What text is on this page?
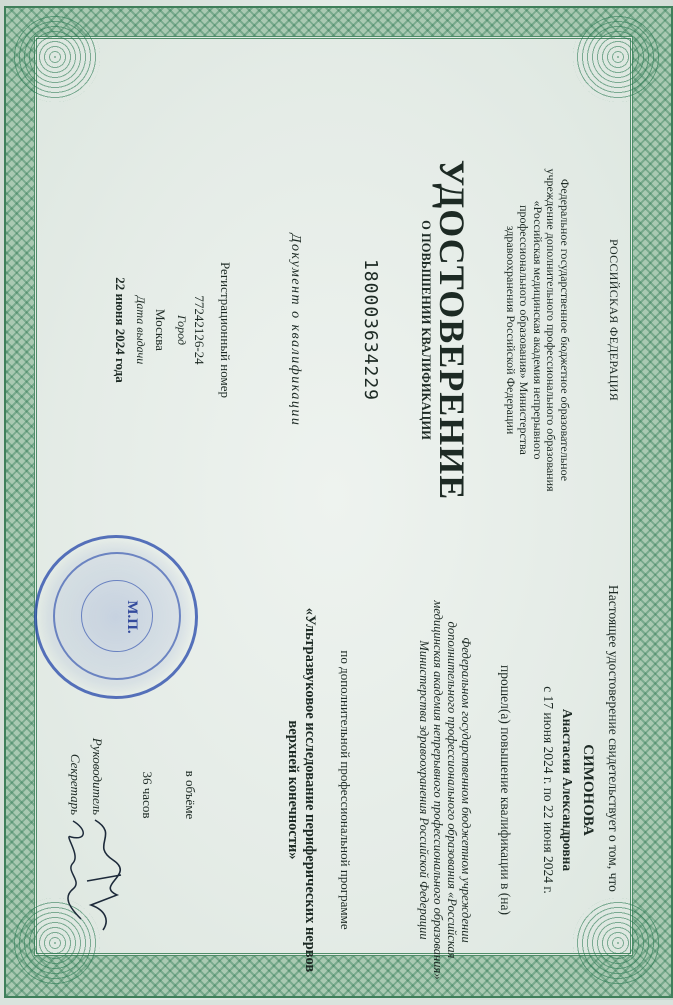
РОССИЙСКАЯ ФЕДЕРАЦИЯ
Федеральное государственное бюджетное образовательное учреждение дополнительного профессионального образования «Российская медицинская академия непрерывного профессионального образования» Министерства здравоохранения Российской Федерации
УДОСТОВЕРЕНИЕ
О ПОВЫШЕНИИ КВАЛИФИКАЦИИ
180003634229
Документ о квалификации
Регистрационный номер
77242126-24
Город
Москва
Дата выдачи
22 июня 2024 года
Настоящее удостоверение свидетельствует о том, что
СИМОНОВА
Анастасия Александровна
с 17 июня 2024 г. по 22 июня 2024 г.
прошел(а) повышение квалификации в (на)
Федеральном государственном бюджетном учреждении дополнительного профессионального образования «Российская медицинская академия непрерывного профессионального образования» Министерства здравоохранения Российской Федерации
по дополнительной профессиональной программе
«Ультразвуковое исследование периферических нервов верхней конечности»
в объёме
36 часов
Руководитель
Секретарь
М.П.
